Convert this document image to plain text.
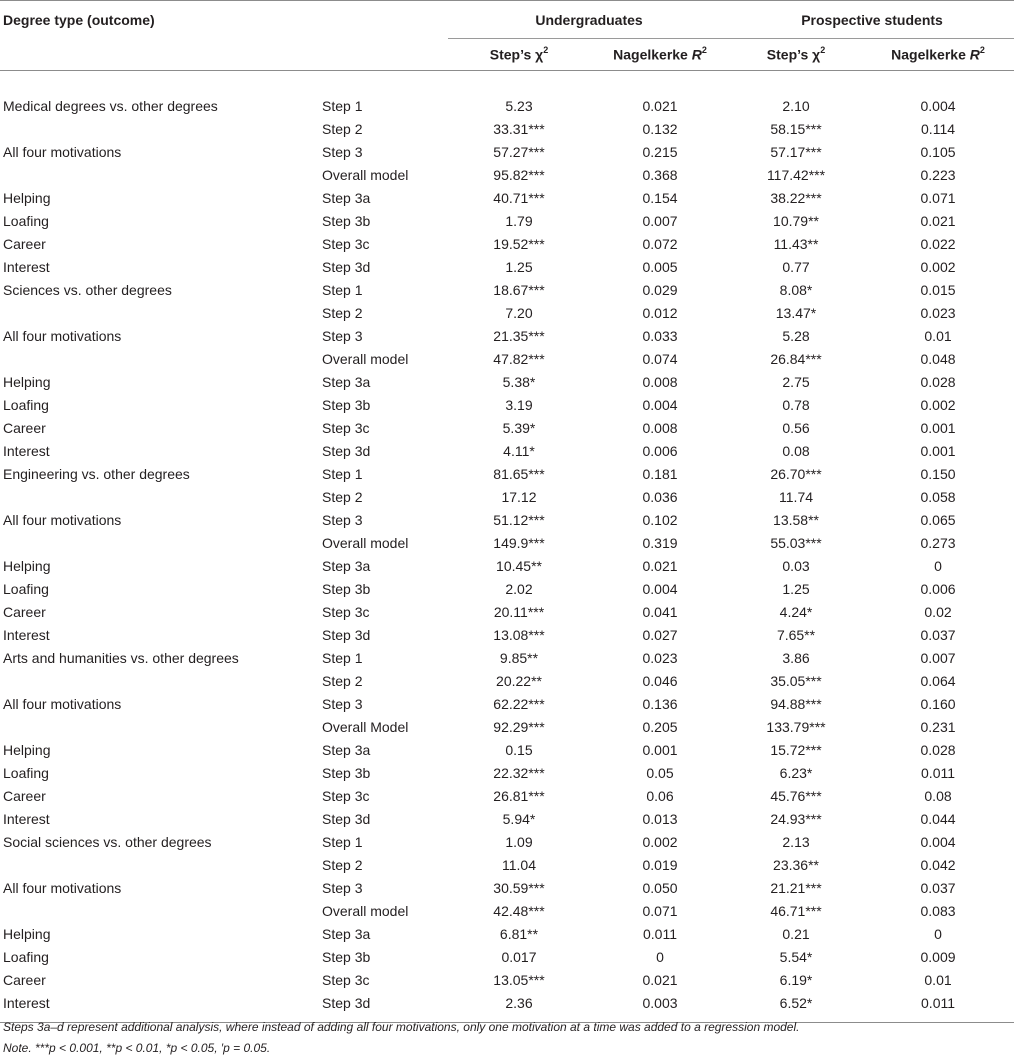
Degree type (outcome)		Undergraduates		Prospective students	
		Step’s $\chi^2$	Nagelkerke $R^2$	Step’s $\chi^2$	Nagelkerke $R^2$

Medical degrees vs. other degrees	Step 1	5.23	0.021	2.10	0.004
	Step 2	33.31***	0.132	58.15***	0.114
All four motivations	Step 3	57.27***	0.215	57.17***	0.105
	Overall model	95.82***	0.368	117.42***	0.223
Helping	Step 3a	40.71***	0.154	38.22***	0.071
Loafing	Step 3b	1.79	0.007	10.79**	0.021
Career	Step 3c	19.52***	0.072	11.43**	0.022
Interest	Step 3d	1.25	0.005	0.77	0.002
Sciences vs. other degrees	Step 1	18.67***	0.029	8.08*	0.015
	Step 2	7.20	0.012	13.47*	0.023
All four motivations	Step 3	21.35***	0.033	5.28	0.01
	Overall model	47.82***	0.074	26.84***	0.048
Helping	Step 3a	5.38*	0.008	2.75	0.028
Loafing	Step 3b	3.19	0.004	0.78	0.002
Career	Step 3c	5.39*	0.008	0.56	0.001
Interest	Step 3d	4.11*	0.006	0.08	0.001
Engineering vs. other degrees	Step 1	81.65***	0.181	26.70***	0.150
	Step 2	17.12	0.036	11.74	0.058
All four motivations	Step 3	51.12***	0.102	13.58**	0.065
	Overall model	149.9***	0.319	55.03***	0.273
Helping	Step 3a	10.45**	0.021	0.03	0
Loafing	Step 3b	2.02	0.004	1.25	0.006
Career	Step 3c	20.11***	0.041	4.24*	0.02
Interest	Step 3d	13.08***	0.027	7.65**	0.037
Arts and humanities vs. other degrees	Step 1	9.85**	0.023	3.86	0.007
	Step 2	20.22**	0.046	35.05***	0.064
All four motivations	Step 3	62.22***	0.136	94.88***	0.160
	Overall Model	92.29***	0.205	133.79***	0.231
Helping	Step 3a	0.15	0.001	15.72***	0.028
Loafing	Step 3b	22.32***	0.05	6.23*	0.011
Career	Step 3c	26.81***	0.06	45.76***	0.08
Interest	Step 3d	5.94*	0.013	24.93***	0.044
Social sciences vs. other degrees	Step 1	1.09	0.002	2.13	0.004
	Step 2	11.04	0.019	23.36**	0.042
All four motivations	Step 3	30.59***	0.050	21.21***	0.037
	Overall model	42.48***	0.071	46.71***	0.083
Helping	Step 3a	6.81**	0.011	0.21	0
Loafing	Step 3b	0.017	0	5.54*	0.009
Career	Step 3c	13.05***	0.021	6.19*	0.01
Interest	Step 3d	2.36	0.003	6.52*	0.011

Steps 3a–d represent additional analysis, where instead of adding all four motivations, only one motivation at a time was added to a regression model.
Note. ***p < 0.001, **p < 0.01, *p < 0.05, ′p = 0.05.
